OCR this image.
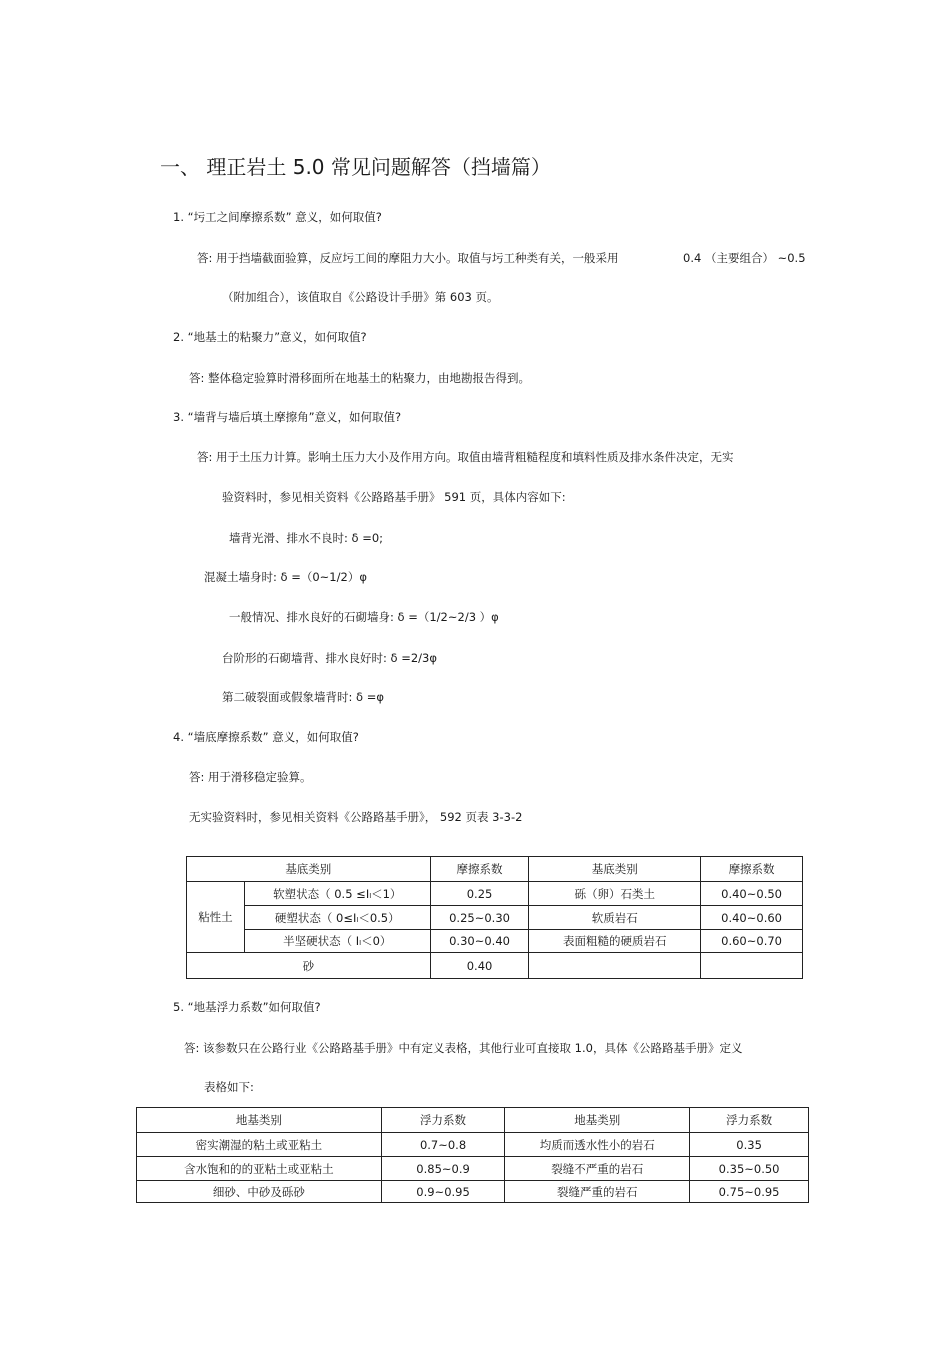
一、 理正岩土 5.0 常见问题解答（挡墙篇）
1. “圬工之间摩擦系数” 意义，如何取值?
答: 用于挡墙截面验算，反应圬工间的摩阻力大小。取值与圬工种类有关，一般采用	0.4 （主要组合） ~0.5
（附加组合），该值取自《公路设计手册》第 603 页。
2. “地基土的粘聚力”意义，如何取值?
答: 整体稳定验算时滑移面所在地基土的粘聚力，由地勘报告得到。
3. “墙背与墙后填土摩擦角”意义，如何取值?
答: 用于土压力计算。影响土压力大小及作用方向。取值由墙背粗糙程度和填料性质及排水条件决定，无实
验资料时，参见相关资料《公路路基手册》 591 页，具体内容如下:
墙背光滑、排水不良时: δ =0;
混凝土墙身时: δ =（0~1/2）φ
一般情况、排水良好的石砌墙身: δ =（1/2~2/3 ）φ
台阶形的石砌墙背、排水良好时: δ =2/3φ
第二破裂面或假象墙背时: δ =φ
4. “墙底摩擦系数” 意义，如何取值?
答: 用于滑移稳定验算。
无实验资料时，参见相关资料《公路路基手册》， 592 页表 3-3-2
基底类别		摩擦系数	基底类别	摩擦系数
粘性土	软塑状态（ 0.5 ≤Iₗ＜1）	0.25	砾（卵）石类土	0.40~0.50
	硬塑状态（ 0≤Iₗ＜0.5）	0.25~0.30	软质岩石	0.40~0.60
	半坚硬状态（ Iₗ＜0）	0.30~0.40	表面粗糙的硬质岩石	0.60~0.70
砂		0.40		
5. “地基浮力系数”如何取值?
答: 该参数只在公路行业《公路路基手册》中有定义表格，其他行业可直接取 1.0，具体《公路路基手册》定义
表格如下:
地基类别	浮力系数	地基类别	浮力系数
密实潮湿的粘土或亚粘土	0.7~0.8	均质而透水性小的岩石	0.35
含水饱和的的亚粘土或亚粘土	0.85~0.9	裂缝不严重的岩石	0.35~0.50
细砂、中砂及砾砂	0.9~0.95	裂缝严重的岩石	0.75~0.95
